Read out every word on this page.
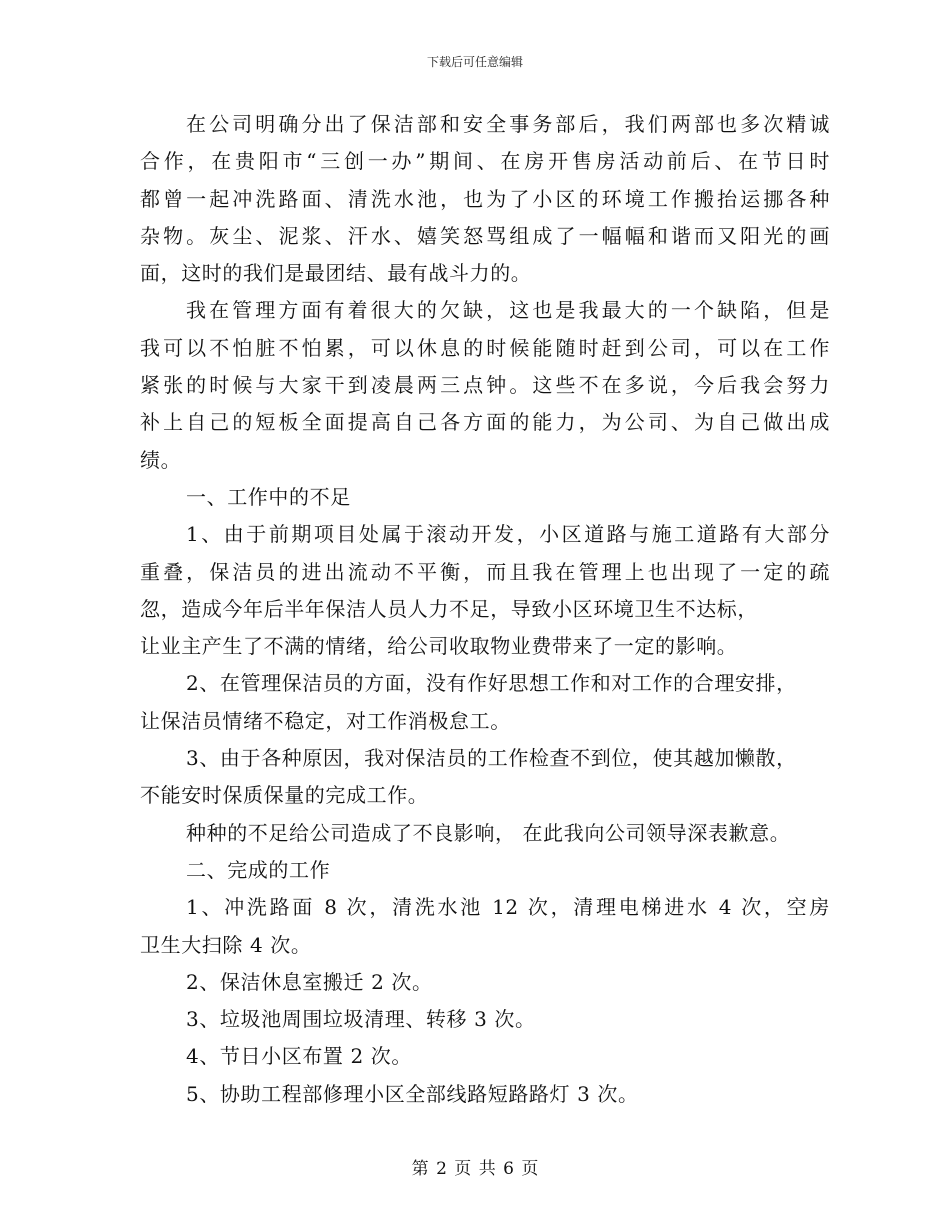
下载后可任意编辑
在公司明确分出了保洁部和安全事务部后，我们两部也多次精诚
合作，在贵阳市“三创一办”期间、在房开售房活动前后、在节日时
都曾一起冲洗路面、清洗水池，也为了小区的环境工作搬抬运挪各种
杂物。灰尘、泥浆、汗水、嬉笑怒骂组成了一幅幅和谐而又阳光的画
面，这时的我们是最团结、最有战斗力的。
我在管理方面有着很大的欠缺，这也是我最大的一个缺陷，但是
我可以不怕脏不怕累，可以休息的时候能随时赶到公司，可以在工作
紧张的时候与大家干到凌晨两三点钟。这些不在多说，今后我会努力
补上自己的短板全面提高自己各方面的能力，为公司、为自己做出成
绩。
一、工作中的不足
1、由于前期项目处属于滚动开发，小区道路与施工道路有大部分
重叠，保洁员的进出流动不平衡，而且我在管理上也出现了一定的疏
忽，造成今年后半年保洁人员人力不足，导致小区环境卫生不达标，
让业主产生了不满的情绪，给公司收取物业费带来了一定的影响。
2、在管理保洁员的方面，没有作好思想工作和对工作的合理安排，
让保洁员情绪不稳定，对工作消极怠工。
3、由于各种原因，我对保洁员的工作检查不到位，使其越加懒散，
不能安时保质保量的完成工作。
种种的不足给公司造成了不良影响， 在此我向公司领导深表歉意。
二、完成的工作
1、冲洗路面 8 次，清洗水池 12 次，清理电梯进水 4 次，空房
卫生大扫除 4 次。
2、保洁休息室搬迁 2 次。
3、垃圾池周围垃圾清理、转移 3 次。
4、节日小区布置 2 次。
5、协助工程部修理小区全部线路短路路灯 3 次。
第 2 页 共 6 页
